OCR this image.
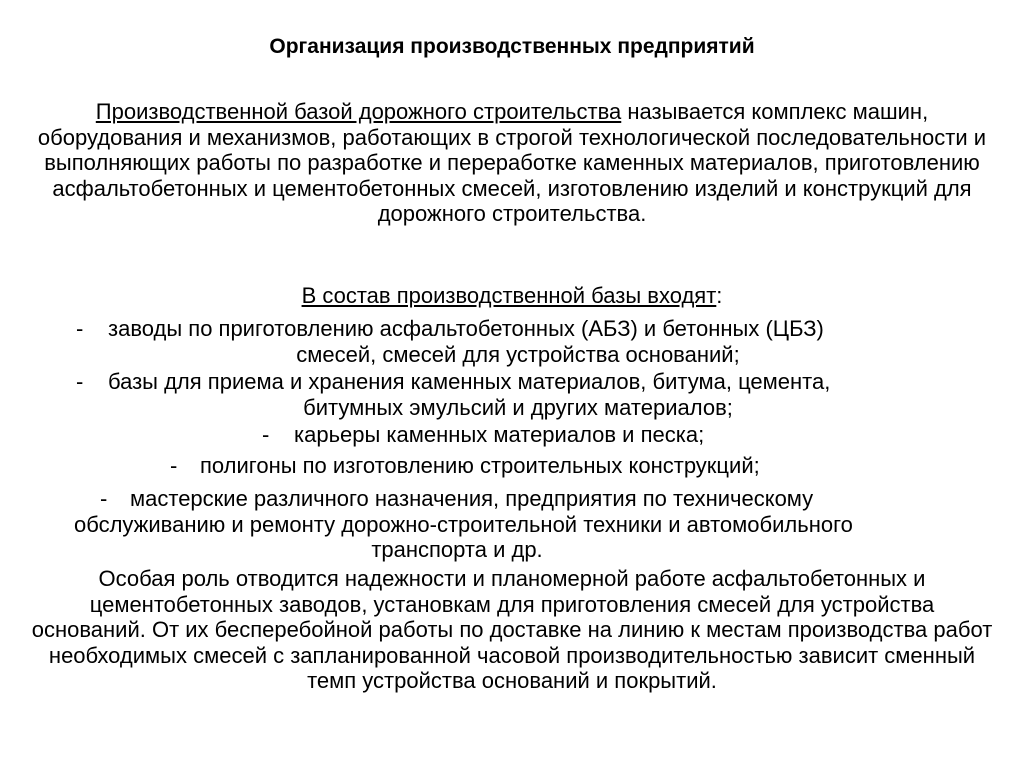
Организация производственных предприятий
Производственной базой дорожного строительства называется комплекс машин, оборудования и механизмов, работающих в строгой технологической последовательности и выполняющих работы по разработке и переработке каменных материалов, приготовлению асфальтобетонных и цементобетонных смесей, изготовлению изделий и конструкций для дорожного строительства.
В состав производственной базы входят:
- заводы по приготовлению асфальтобетонных (АБЗ) и бетонных (ЦБЗ)
смесей, смесей для устройства оснований;
- базы для приема и хранения каменных материалов, битума, цемента,
битумных эмульсий и других материалов;
- карьеры каменных материалов и песка;
- полигоны по изготовлению строительных конструкций;
- мастерские различного назначения, предприятия по техническому
обслуживанию и ремонту дорожно-строительной техники и автомобильного
транспорта и др.
Особая роль отводится надежности и планомерной работе асфальтобетонных и цементобетонных заводов, установкам для приготовления смесей для устройства оснований. От их бесперебойной работы по доставке на линию к местам производства работ необходимых смесей с запланированной часовой производительностью зависит сменный темп устройства оснований и покрытий.
